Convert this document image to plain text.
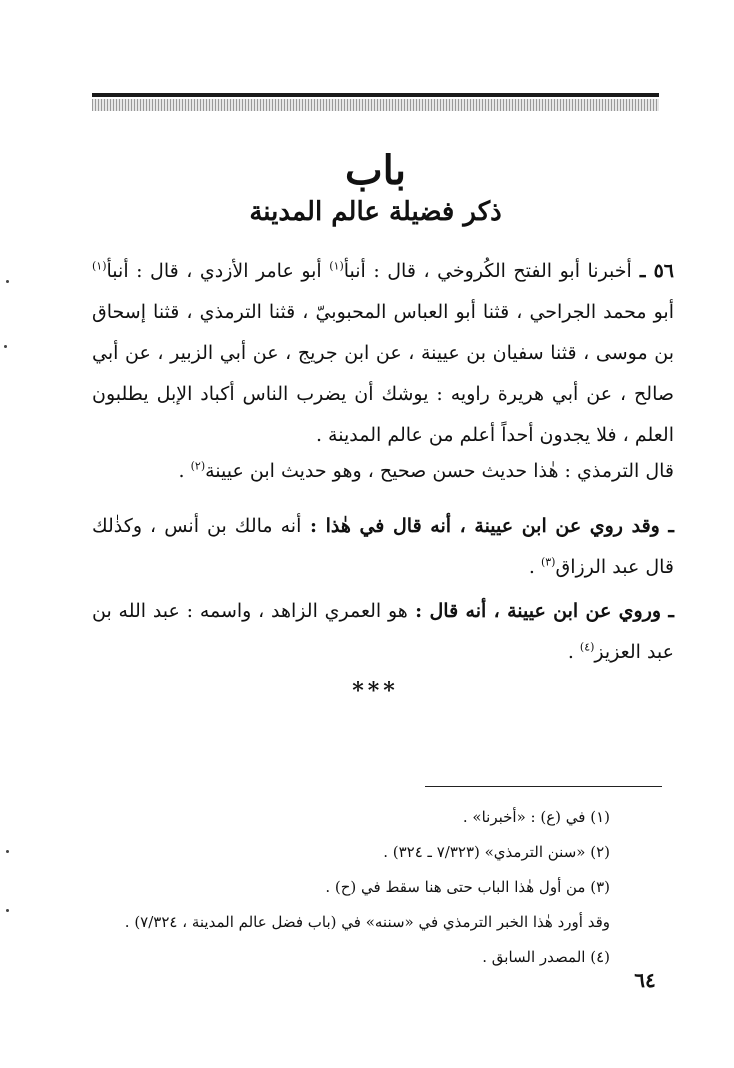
باب
ذكر فضيلة عالم المدينة
٥٦ ـ أخبرنا أبو الفتح الكُروخي ، قال : أنبأ$^{(١)}$ أبو عامر الأزدي ، قال : أنبأ$^{(١)}$ أبو محمد الجراحي ، قثنا أبو العباس المحبوبيّ ، قثنا الترمذي ، قثنا إسحاق بن موسى ، قثنا سفيان بن عيينة ، عن ابن جريج ، عن أبي الزبير ، عن أبي صالح ، عن أبي هريرة راويه : يوشك أن يضرب الناس أكباد الإبل يطلبون العلم ، فلا يجدون أحداً أعلم من عالم المدينة .
قال الترمذي : هٰذا حديث حسن صحيح ، وهو حديث ابن عيينة$^{(٢)}$ .
ـ وقد روي عن ابن عيينة ، أنه قال في هٰذا : أنه مالك بن أنس ، وكذٰلك قال عبد الرزاق$^{(٣)}$ .
ـ وروي عن ابن عيينة ، أنه قال : هو العمري الزاهد ، واسمه : عبد الله بن عبد العزيز$^{(٤)}$ .
***
(١) في (ع) : «أخبرنا» .
(٢) «سنن الترمذي» (٧/٣٢٣ ـ ٣٢٤) .
(٣) من أول هٰذا الباب حتى هنا سقط في (ح) .
وقد أورد هٰذا الخبر الترمذي في «سننه» في (باب فضل عالم المدينة ، ٧/٣٢٤) .
(٤) المصدر السابق .
٦٤
